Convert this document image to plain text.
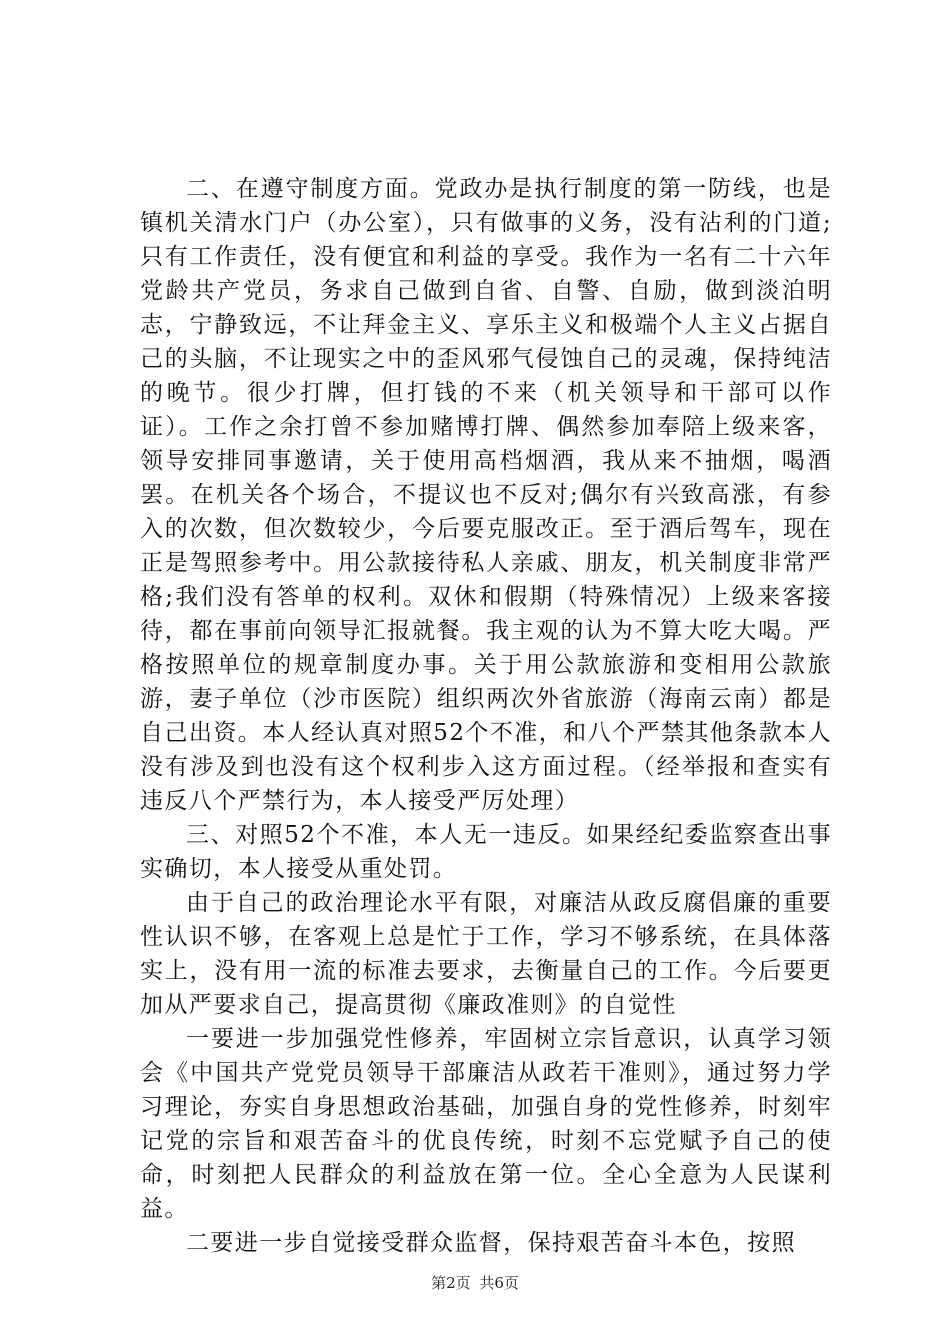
二、在遵守制度方面。党政办是执行制度的第一防线，也是镇机关清水门户（办公室），只有做事的义务，没有沾利的门道;只有工作责任，没有便宜和利益的享受。我作为一名有二十六年党龄共产党员，务求自己做到自省、自警、自励，做到淡泊明志，宁静致远，不让拜金主义、享乐主义和极端个人主义占据自己的头脑，不让现实之中的歪风邪气侵蚀自己的灵魂，保持纯洁的晚节。很少打牌，但打钱的不来（机关领导和干部可以作证）。工作之余打曾不参加赌博打牌、偶然参加奉陪上级来客，领导安排同事邀请，关于使用高档烟酒，我从来不抽烟，喝酒罢。在机关各个场合，不提议也不反对;偶尔有兴致高涨，有参入的次数，但次数较少，今后要克服改正。至于酒后驾车，现在正是驾照参考中。用公款接待私人亲戚、朋友，机关制度非常严格;我们没有答单的权利。双休和假期（特殊情况）上级来客接待，都在事前向领导汇报就餐。我主观的认为不算大吃大喝。严格按照单位的规章制度办事。关于用公款旅游和变相用公款旅游，妻子单位（沙市医院）组织两次外省旅游（海南云南）都是自己出资。本人经认真对照52个不准，和八个严禁其他条款本人没有涉及到也没有这个权利步入这方面过程。（经举报和查实有违反八个严禁行为，本人接受严厉处理）

三、对照52个不准，本人无一违反。如果经纪委监察查出事实确切，本人接受从重处罚。

由于自己的政治理论水平有限，对廉洁从政反腐倡廉的重要性认识不够，在客观上总是忙于工作，学习不够系统，在具体落实上，没有用一流的标准去要求，去衡量自己的工作。今后要更加从严要求自己，提高贯彻《廉政准则》的自觉性

一要进一步加强党性修养，牢固树立宗旨意识，认真学习领会《中国共产党党员领导干部廉洁从政若干准则》，通过努力学习理论，夯实自身思想政治基础，加强自身的党性修养，时刻牢记党的宗旨和艰苦奋斗的优良传统，时刻不忘党赋予自己的使命，时刻把人民群众的利益放在第一位。全心全意为人民谋利益。

二要进一步自觉接受群众监督，保持艰苦奋斗本色，按照

第2页 共6页
